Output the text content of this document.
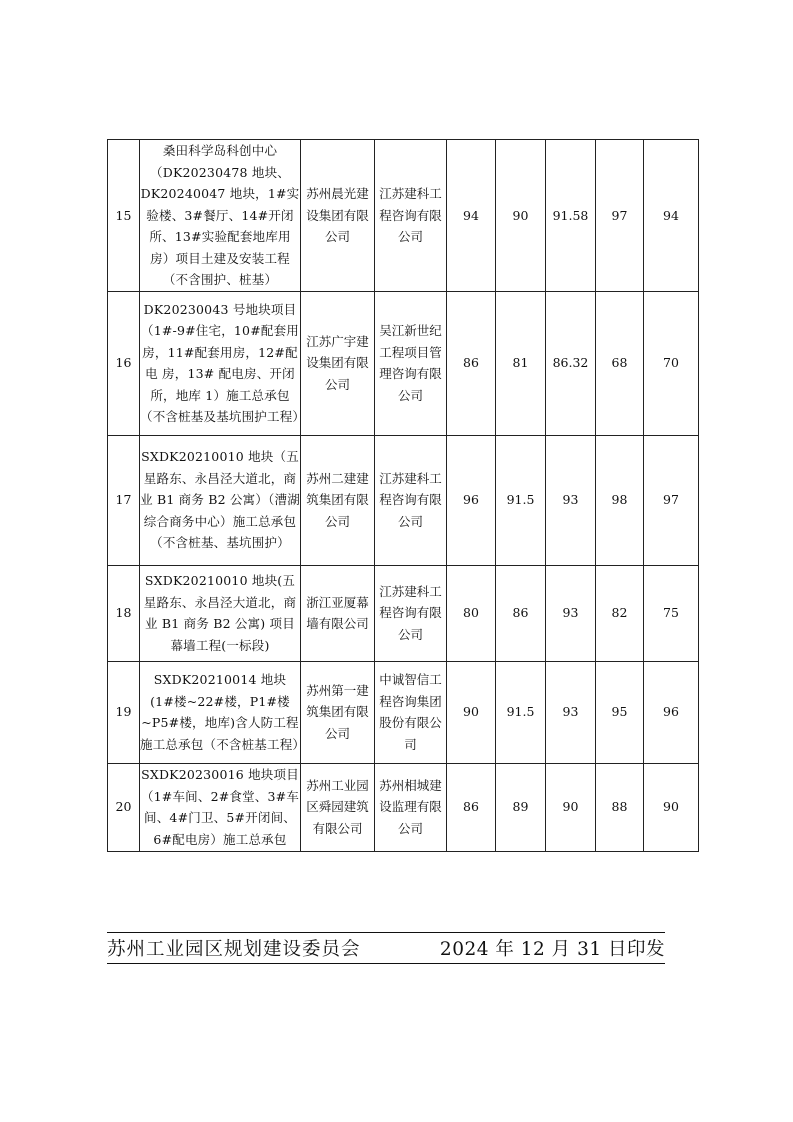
15	桑田科学岛科创中心（DK20230478 地块、DK20240047 地块，1#实验楼、3#餐厅、14#开闭所、13#实验配套地库用房）项目土建及安装工程（不含围护、桩基）	苏州晨光建设集团有限公司	江苏建科工程咨询有限公司	94	90	91.58	97	94
16	DK20230043 号地块项目（1#-9#住宅，10#配套用房，11#配套用房，12#配电 房，13# 配电房、开闭所，地库 1）施工总承包（不含桩基及基坑围护工程）	江苏广宇建设集团有限公司	吴江新世纪工程项目管理咨询有限公司	86	81	86.32	68	70
17	SXDK20210010 地块（五星路东、永昌泾大道北，商业 B1 商务 B2 公寓）（漕湖综合商务中心）施工总承包（不含桩基、基坑围护）	苏州二建建筑集团有限公司	江苏建科工程咨询有限公司	96	91.5	93	98	97
18	SXDK20210010 地块(五星路东、永昌泾大道北，商业 B1 商务 B2 公寓) 项目幕墙工程(一标段)	浙江亚厦幕墙有限公司	江苏建科工程咨询有限公司	80	86	93	82	75
19	SXDK20210014 地块 (1#楼~22#楼，P1#楼~P5#楼，地库)含人防工程施工总承包（不含桩基工程）	苏州第一建筑集团有限公司	中诚智信工程咨询集团股份有限公司	90	91.5	93	95	96
20	SXDK20230016 地块项目（1#车间、2#食堂、3#车间、4#门卫、5#开闭间、6#配电房）施工总承包	苏州工业园区舜园建筑有限公司	苏州相城建设监理有限公司	86	89	90	88	90
苏州工业园区规划建设委员会	2024 年 12 月 31 日印发
